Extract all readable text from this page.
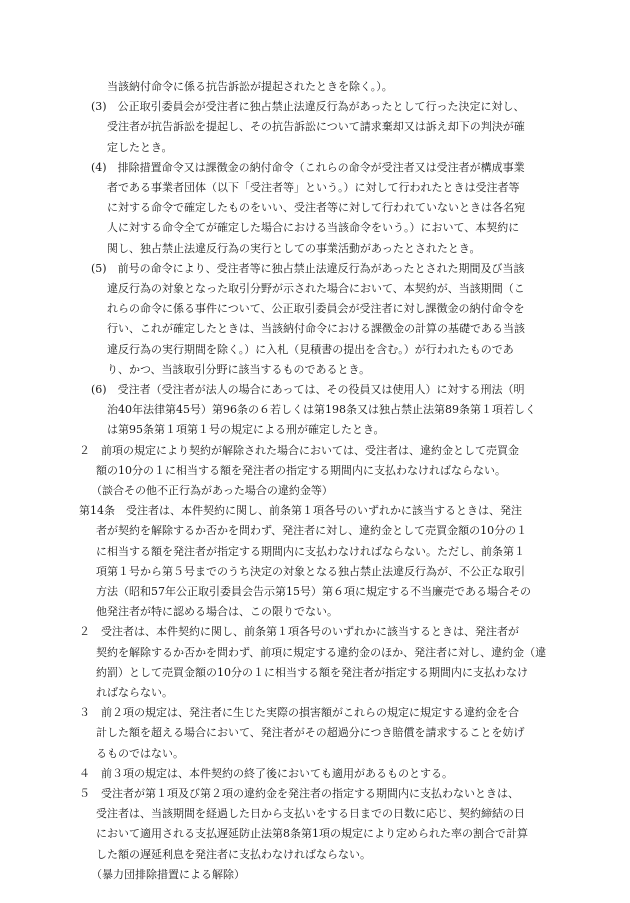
当該納付命令に係る抗告訴訟が提起されたときを除く。）。
(3)　公正取引委員会が受注者に独占禁止法違反行為があったとして行った決定に対し、
受注者が抗告訴訟を提起し、その抗告訴訟について請求棄却又は訴え却下の判決が確
定したとき。
(4)　排除措置命令又は課徴金の納付命令（これらの命令が受注者又は受注者が構成事業
者である事業者団体（以下「受注者等」という。）に対して行われたときは受注者等
に対する命令で確定したものをいい、受注者等に対して行われていないときは各名宛
人に対する命令全てが確定した場合における当該命令をいう。）において、本契約に
関し、独占禁止法違反行為の実行としての事業活動があったとされたとき。
(5)　前号の命令により、受注者等に独占禁止法違反行為があったとされた期間及び当該
違反行為の対象となった取引分野が示された場合において、本契約が、当該期間（こ
れらの命令に係る事件について、公正取引委員会が受注者に対し課徴金の納付命令を
行い、これが確定したときは、当該納付命令における課徴金の計算の基礎である当該
違反行為の実行期間を除く。）に入札（見積書の提出を含む。）が行われたものであ
り、かつ、当該取引分野に該当するものであるとき。
(6)　受注者（受注者が法人の場合にあっては、その役員又は使用人）に対する刑法（明
治40年法律第45号）第96条の６若しくは第198条又は独占禁止法第89条第１項若しく
は第95条第１項第１号の規定による刑が確定したとき。
２　前項の規定により契約が解除された場合においては、受注者は、違約金として売買金
額の10分の１に相当する額を発注者の指定する期間内に支払わなければならない。
（談合その他不正行為があった場合の違約金等）
第14条　受注者は、本件契約に関し、前条第１項各号のいずれかに該当するときは、発注
者が契約を解除するか否かを問わず、発注者に対し、違約金として売買金額の10分の１
に相当する額を発注者が指定する期間内に支払わなければならない。ただし、前条第１
項第１号から第５号までのうち決定の対象となる独占禁止法違反行為が、不公正な取引
方法（昭和57年公正取引委員会告示第15号）第６項に規定する不当廉売である場合その
他発注者が特に認める場合は、この限りでない。
２　受注者は、本件契約に関し、前条第１項各号のいずれかに該当するときは、発注者が
契約を解除するか否かを問わず、前項に規定する違約金のほか、発注者に対し、違約金（違
約罰）として売買金額の10分の１に相当する額を発注者が指定する期間内に支払わなけ
ればならない。
３　前２項の規定は、発注者に生じた実際の損害額がこれらの規定に規定する違約金を合
計した額を超える場合において、発注者がその超過分につき賠償を請求することを妨げ
るものではない。
４　前３項の規定は、本件契約の終了後においても適用があるものとする。
５　受注者が第１項及び第２項の違約金を発注者の指定する期間内に支払わないときは、
受注者は、当該期間を経過した日から支払いをする日までの日数に応じ、契約締結の日
において適用される支払遅延防止法第8条第1項の規定により定められた率の割合で計算
した額の遅延利息を発注者に支払わなければならない。
（暴力団排除措置による解除）
